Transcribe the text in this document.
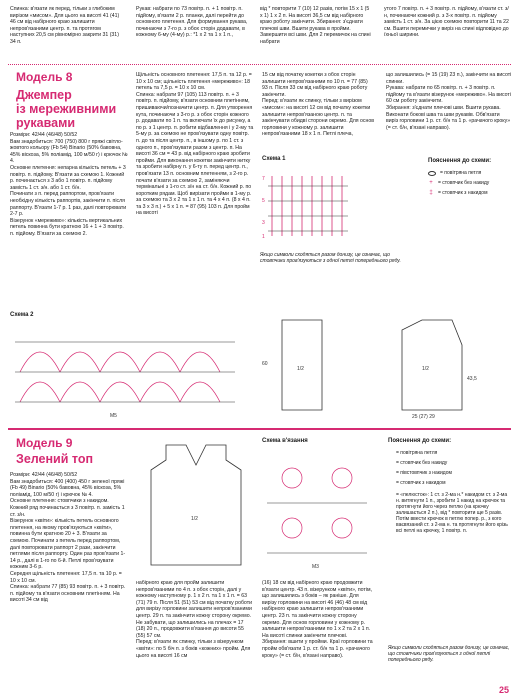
Спинка: в'язати як перед, тільки з глибоким вирізом «мисом». Для цього на висоті 41 (41) 46 см від набірного краю залишити непров'язаними центр. п. та протягом наступних 20,5 см рівномірно закрити 31 (31) 34 п.

Рукав: набрати по 73 повітр. п. + 1 повітр. п. підйому, в'язати 2 р. планки, далі перейти до основного плетення. Для формування рукава, починаючи з 7-го р. з обох сторін додавати, в кожному 6-му (4-му) р.: *1 х 2 та 1 х 1 п.,

від * повторити 7 (10) 12 разів, потім 15 х 1 (5 х 1) 1 х 2 п. На висоті 36,5 см від набірного краю роботу закінчити. Збирання: з'єднати плечові шви. Вшити рукава в пройми. Завершити всі шви. Для 2 перемичок на спині набрати

утого 7 повітр. п. + 3 повітр. п. підйому, в'язати ст. з/н, починаючи кожний р. з 3-х повітр. п. підйому замість 1 ст. з/н. За цією схемою повторити 11 та 22 см. Вшити перемички у виріз на спині відповідно до їхньої ширини.

Модель 8
Джемпер
із мереживними
рукавами

Розміри: 42/44 (46/48) 50/52
Вам знадобиться: 700 (750) 800 г пряжі світло-жовтого кольору (Fb 54) Binario (50% бавовна, 45% віскоза, 5% поліамід, 100 м/50 г) і крючок № 4.
Основне плетення: непарна кількість петель + 3 повітр. п. підйому. В'язати за схемою 1. Кожний р. починається з 3 або 1 повітр. п. підйому замість 1 ст. з/н. або 1 ст. б/н.
Починати з п. перед раппортом, пров'язати необхідну кількість раппортів, закінчити п. після раппорту. В'язати 1-7 р. 1 раз, далі повторювати 2-7 р.
Візерунок «мереживо»: кількість вертикальних петель повинна бути кратною 16 + 1 + 3 повітр. п. підйому. В'язати за схемою 2.

Щільність основного плетення: 17,5 п. та 12 р. = 10 х 10 см; щільність плетення «мереживо»: 18 петель та 7,5 р. = 10 х 10 см.
Спинка: набрати 97 (105) 113 повітр. п. + 3 повітр. п. підйому, в'язати основним плетінням, пришиваючи/позначити центр. п. Для утворення кута, починаючи з 3-го р. з обох сторін кожного р. додавати по 1 п. та включати їх до рисунку, а по р. з 1 центр. п. робити відбавлення і у 2-му та 5-му р. за схемою не пров'язувати одну повітр. п. до та після центр. п., в іншому р. по 1 ст. з одного п., пров'язувати разом з центр. п. На висоті 36 см = 43 р. від набірного краю зробити пройми. Для виконання кокетки закінчити нитку та зробити набірну п. у 6-ту п. перед центр. п., пров'язати 13 п. основним плетенням, з 2-го р. почати в'язати за схемою 2, заміняючи термінальні з 1-го ст. з/н на ст. б/н. Кожний р. по коротким рядам. Щоб вирізати пройми в 1-му р. за схемою та 3 х 2 та 1 х 1 п. та 4 х 4 п. (8 х 4 п. та 3 х 3 п.) + 5 х 1 п. = 87 (95) 103 п. Для пройм на висоті

15 см від початку кокетки з обох сторін залишити непров'язаними по 10 п. = 77 (85) 93 п. Після 33 см від набірного краю роботу закінчити.
Перед: в'язати як спинку, тільки з вирізом «мисом»: на висоті 12 см від початку кокетки залишити непров'язаною центр. п. та закінчувати обидві сторони окремо. Для основ горловини у кожному р. залишити непров'язаними 18 х 1 п. Петлі плеча,

що залишились (= 15 (19) 23 п.), закінчити на висоті спинки.
Рукава: набрати по 65 повітр. п. + 3 повітр. п. підйому та в'язати візерунок «мереживо». На висоті 60 см роботу закінчити.
Збирання: з'єднати плечові шви. Вшити рукава. Виконати бокові шва та шви рукавів. Обв'язати виріз горловини 1 р. ст. б/н та 1 р. «рачачого кроку» (= ст. б/н, в'язані направо).

Схема 1
7
5
3
1
Якщо символи сходяться разом донизу, це означає, що стовпчики пров'язуються з одної петлі попереднього ряду.
Пояснення до схеми:
= повітряна петля
+ = стовпчик без накиду
‡ = стовпчик з накидом
Схема 2
М5
1/2	1/2
60
43,5
25 (27) 29
Модель 9
Зелений топ

Розміри: 42/44 (46/48) 50/52
Вам знадобиться: 400 (400) 450 г зеленої пряжі (Fb 49) Binario (50% бавовна, 45% віскоза, 5% поліамід, 100 м/50 г) і крючок № 4.
Основне плетення: стовпчики з накидом. Кожний ряд починається з 3 повітр. п. замість 1 ст. з/н.
Візерунок «квіти»: кількість петель основного плетення, на якому пров'язуються «квіти», повинна бути кратною 20 + 3. В'язати за схемою. Починати з петель перед раппортом, далі повторювати раппорт 2 рази, закінчити петлями після раппорту. Один раз пров'язати 1-14 р., далі в 1-го по 6-й. Петлі пров'язувати кожним 3-6 р.
Середня щільність плетення: 17,5 п. та 10 р. = 10 х 10 см.
Спинка: набрати 77 (85) 93 повітр. п. + 3 повітр. п. підйому та в'язати основним плетінням. На висоті 34 см від

набірного краю для пройм залишити непров'язаними по 4 п. з обох сторін, далі у кожному наступному р. 1 х 2 п. та 1 х 1 п. = 63 (71) 79 п. Після 51 (51) 53 см від початку роботи для вирізу горловини залишити непров'язаними центр. 29 п. та закінчити кожну сторону окремо. Не забувати, що залишились на плечах = 17 (18) 20 п., продовжити в'язання до висоти 55 (55) 57 см.
Перед: в'язати як спинку, тільки з візерунком «квіти»: по 5 біч п. з боків «кожних» пройм. Для цього на висоті 16 см

(16) 18 см від набірного краю продовжити в'язати центр. 43 п. візерунком «квіти», потім, що залишились з боків – як раніше. Для вирізу горловини на висоті 46 (46) 48 см від набірного краю залишити непров'язаними центр. 23 п. та закінчити кожну сторону окремо. Для основ горловини у кожному р. залишити непров'язаними по 1 х 2 та 2 х 1 п. На висоті спинки закінчити плечові.
Збирання: вшити у пройми. Краї горловини та пройм обв'язати 1 р. ст. б/н та 1 р. «рачачого кроку» (= ст. б/н, в'язані направо).

1/2
Схема в'язання
М3
Пояснення до схеми:
= повітряна петля
= стовпчик без накиду
= півстовпчик з накидом
= стовпчик з накидом
= «пелюсток»: 1 ст. з 2-ма н.* накидом ст. з 2-ма н. витягнути 1 п., зробити 1 накид на крючок та протягнути його через петлю (на крючку залишається 2 п.), від * повторити ще 5 разів. Потім ввести крючок в петлю попер. р., з кого ваєвязаний ст. з 2-ма н. та протягнути його крізь всі петлі на крючку, 1 повітр. п.
Якщо символи сходяться разом донизу, це означає, що стовпчики пров'язуються з одної петлі попереднього ряду.
25
